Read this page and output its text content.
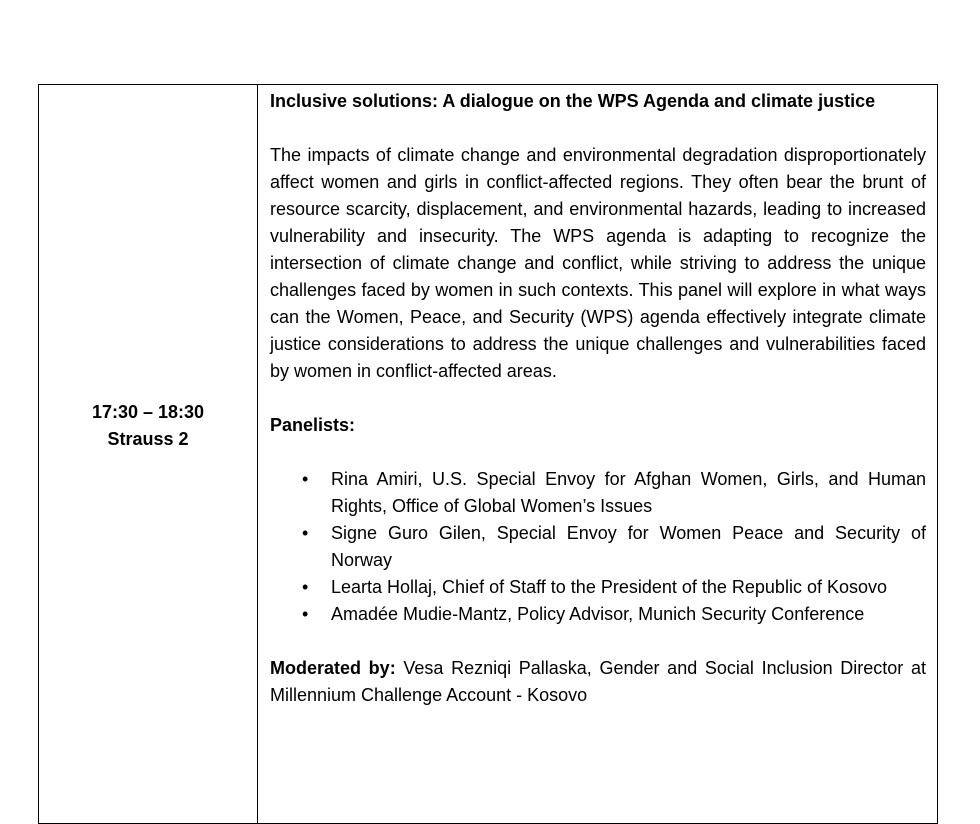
17:30 – 18:30
Strauss 2

Inclusive solutions: A dialogue on the WPS Agenda and climate justice

The impacts of climate change and environmental degradation disproportionately affect women and girls in conflict-affected regions. They often bear the brunt of resource scarcity, displacement, and environmental hazards, leading to increased vulnerability and insecurity. The WPS agenda is adapting to recognize the intersection of climate change and conflict, while striving to address the unique challenges faced by women in such contexts. This panel will explore in what ways can the Women, Peace, and Security (WPS) agenda effectively integrate climate justice considerations to address the unique challenges and vulnerabilities faced by women in conflict-affected areas.

Panelists:

• Rina Amiri, U.S. Special Envoy for Afghan Women, Girls, and Human Rights, Office of Global Women’s Issues
• Signe Guro Gilen, Special Envoy for Women Peace and Security of Norway
• Learta Hollaj, Chief of Staff to the President of the Republic of Kosovo
• Amadée Mudie-Mantz, Policy Advisor, Munich Security Conference

Moderated by: Vesa Rezniqi Pallaska, Gender and Social Inclusion Director at Millennium Challenge Account - Kosovo
